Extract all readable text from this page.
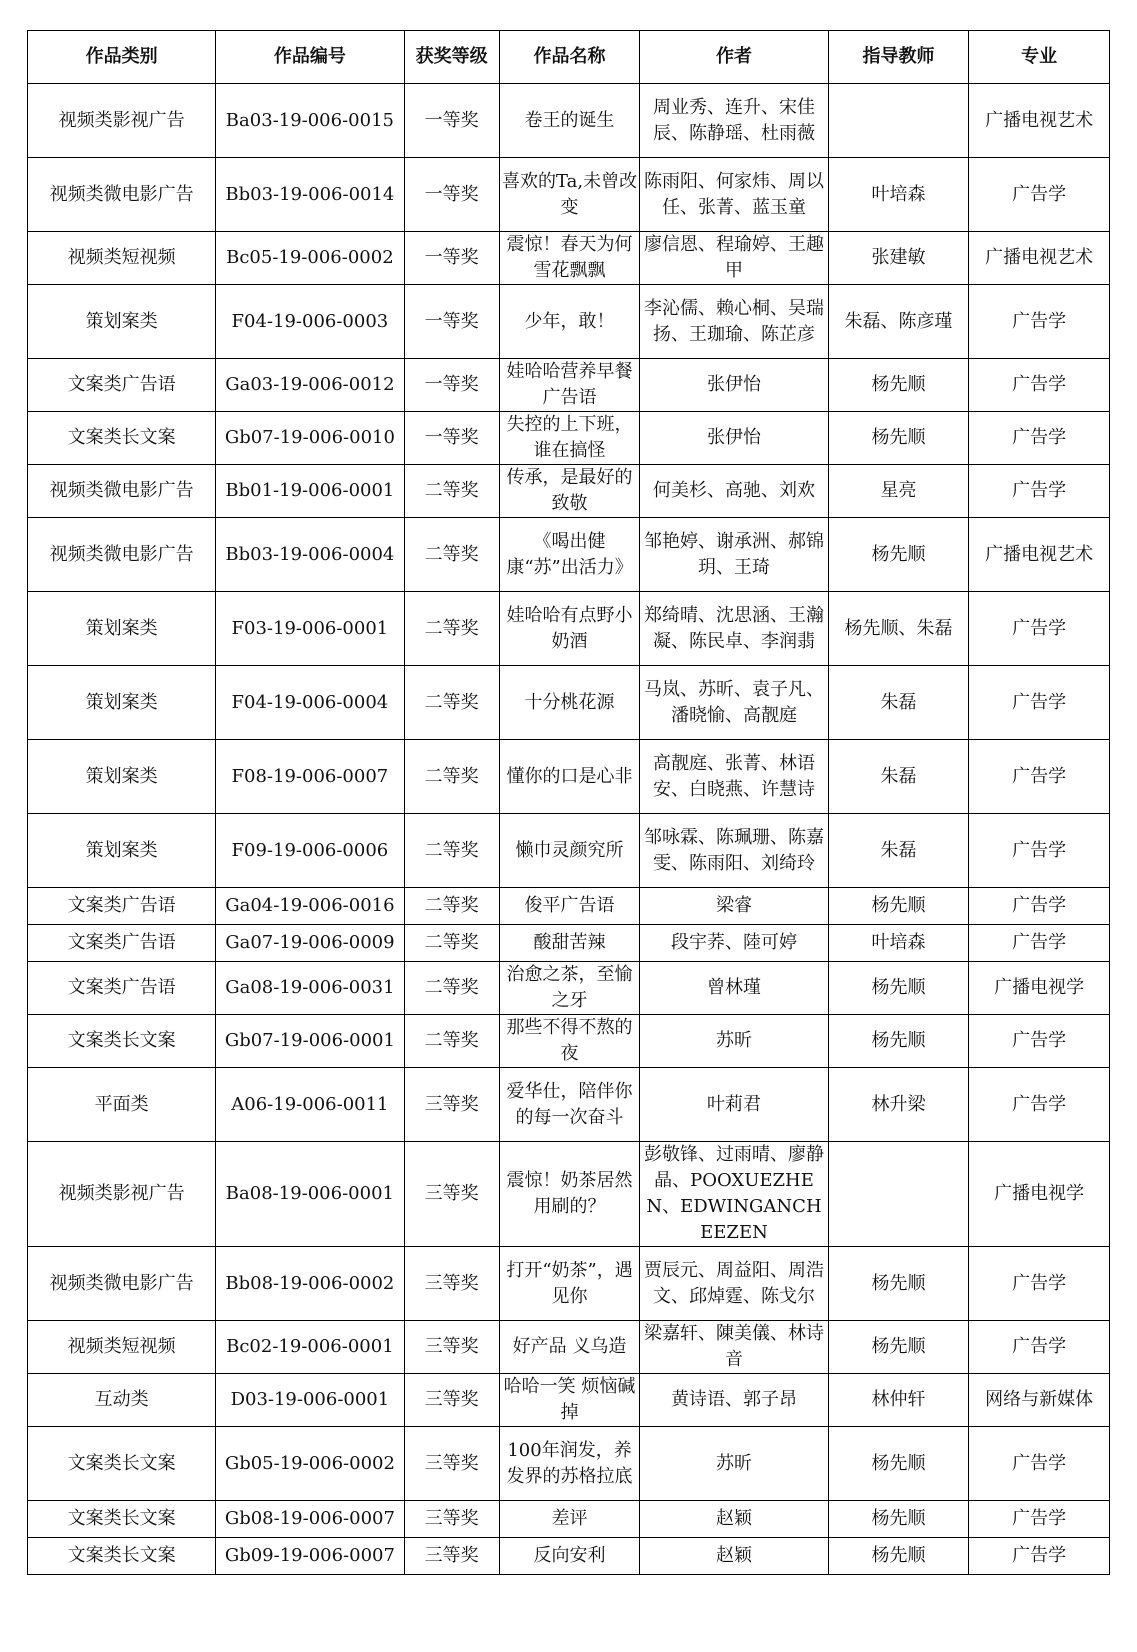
作品类别	作品编号	获奖等级	作品名称	作者	指导教师	专业
视频类影视广告	Ba03-19-006-0015	一等奖	卷王的诞生	周业秀、连升、宋佳辰、陈静瑶、杜雨薇		广播电视艺术
视频类微电影广告	Bb03-19-006-0014	一等奖	喜欢的Ta,未曾改变	陈雨阳、何家炜、周以任、张菁、蓝玉童	叶培森	广告学
视频类短视频	Bc05-19-006-0002	一等奖	震惊！春天为何雪花飘飘	廖信恩、程瑜婷、王趣甲	张建敏	广播电视艺术
策划案类	F04-19-006-0003	一等奖	少年，敢！	李沁儒、赖心桐、吴瑞扬、王珈瑜、陈芷彦	朱磊、陈彦瑾	广告学
文案类广告语	Ga03-19-006-0012	一等奖	娃哈哈营养早餐广告语	张伊怡	杨先顺	广告学
文案类长文案	Gb07-19-006-0010	一等奖	失控的上下班，谁在搞怪	张伊怡	杨先顺	广告学
视频类微电影广告	Bb01-19-006-0001	二等奖	传承，是最好的致敬	何美杉、高驰、刘欢	星亮	广告学
视频类微电影广告	Bb03-19-006-0004	二等奖	《喝出健康“苏”出活力》	邹艳婷、谢承洲、郝锦玥、王琦	杨先顺	广播电视艺术
策划案类	F03-19-006-0001	二等奖	娃哈哈有点野小奶酒	郑绮晴、沈思涵、王瀚凝、陈民卓、李润翡	杨先顺、朱磊	广告学
策划案类	F04-19-006-0004	二等奖	十分桃花源	马岚、苏昕、袁子凡、潘晓愉、高靓庭	朱磊	广告学
策划案类	F08-19-006-0007	二等奖	懂你的口是心非	高靓庭、张菁、林语安、白晓燕、许慧诗	朱磊	广告学
策划案类	F09-19-006-0006	二等奖	懒巾灵颜究所	邹咏霖、陈珮珊、陈嘉雯、陈雨阳、刘绮玲	朱磊	广告学
文案类广告语	Ga04-19-006-0016	二等奖	俊平广告语	梁睿	杨先顺	广告学
文案类广告语	Ga07-19-006-0009	二等奖	酸甜苦辣	段宇荞、陸可婷	叶培森	广告学
文案类广告语	Ga08-19-006-0031	二等奖	治愈之茶，至愉之牙	曾林瑾	杨先顺	广播电视学
文案类长文案	Gb07-19-006-0001	二等奖	那些不得不熬的夜	苏昕	杨先顺	广告学
平面类	A06-19-006-0011	三等奖	爱华仕，陪伴你的每一次奋斗	叶莉君	林升梁	广告学
视频类影视广告	Ba08-19-006-0001	三等奖	震惊！奶茶居然用刷的？	彭敬锋、过雨晴、廖静晶、POOXUEZHEN、EDWINGANCHEEZEN		广播电视学
视频类微电影广告	Bb08-19-006-0002	三等奖	打开“奶茶”，遇见你	贾辰元、周益阳、周浩文、邱焯霆、陈戈尔	杨先顺	广告学
视频类短视频	Bc02-19-006-0001	三等奖	好产品 义乌造	梁嘉轩、陳美儀、林诗音	杨先顺	广告学
互动类	D03-19-006-0001	三等奖	哈哈一笑 烦恼碱掉	黄诗语、郭子昂	林仲轩	网络与新媒体
文案类长文案	Gb05-19-006-0002	三等奖	100年润发，养发界的苏格拉底	苏昕	杨先顺	广告学
文案类长文案	Gb08-19-006-0007	三等奖	差评	赵颖	杨先顺	广告学
文案类长文案	Gb09-19-006-0007	三等奖	反向安利	赵颖	杨先顺	广告学
